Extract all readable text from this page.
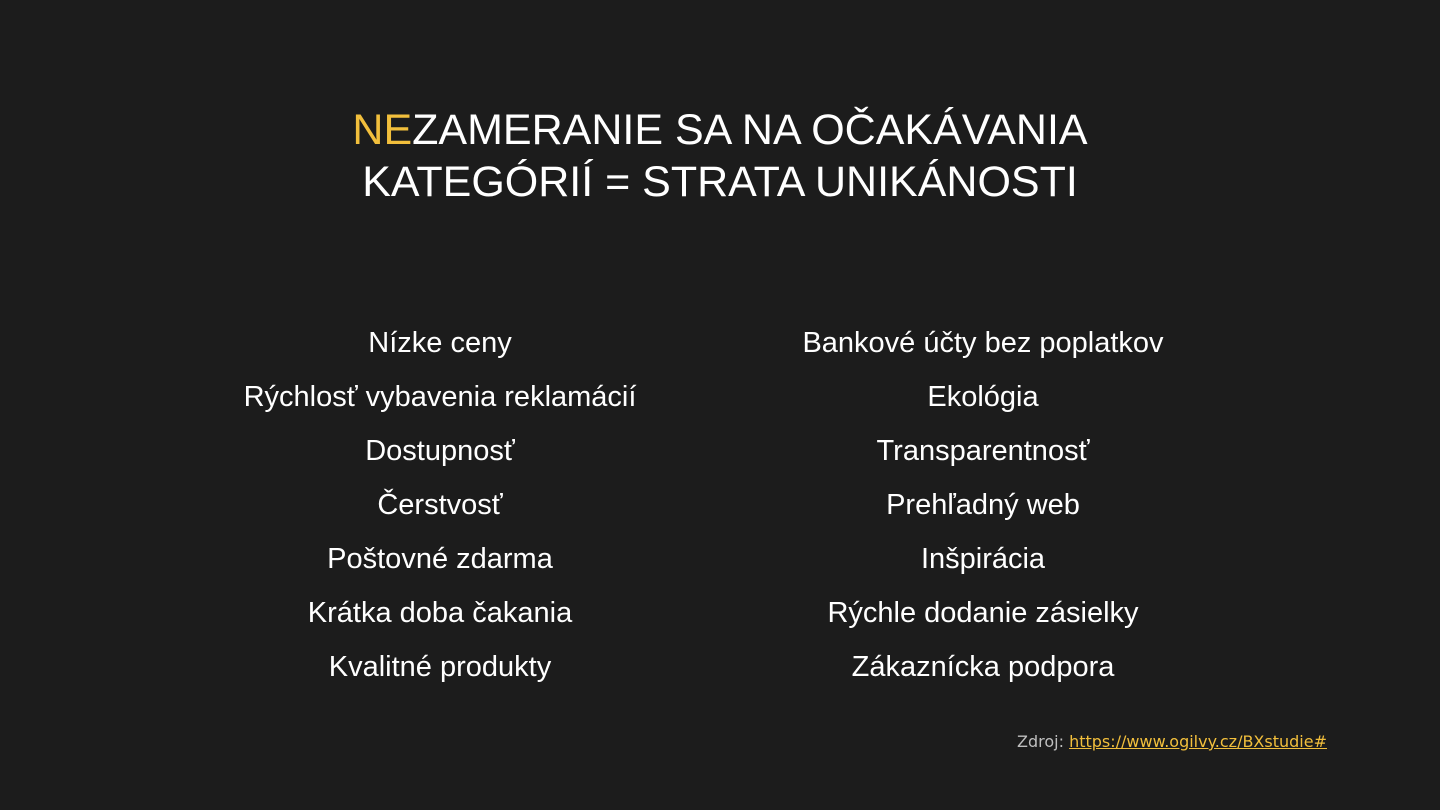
NEZAMERANIE SA NA OČAKÁVANIA
KATEGÓRIÍ = STRATA UNIKÁNOSTI
Nízke ceny
Rýchlosť vybavenia reklamácií
Dostupnosť
Čerstvosť
Poštovné zdarma
Krátka doba čakania
Kvalitné produkty
Bankové účty bez poplatkov
Ekológia
Transparentnosť
Prehľadný web
Inšpirácia
Rýchle dodanie zásielky
Zákaznícka podpora
Zdroj: https://www.ogilvy.cz/BXstudie#
